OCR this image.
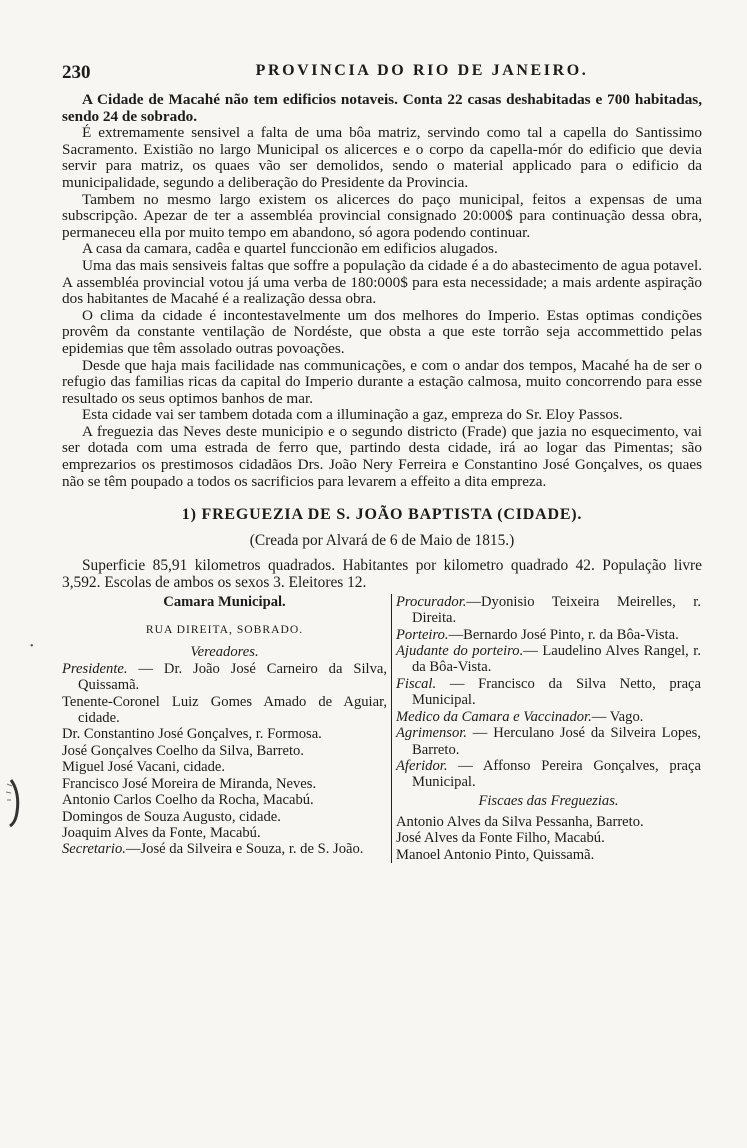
230	PROVINCIA DO RIO DE JANEIRO.

A Cidade de Macahé não tem edificios notaveis. Conta 22 casas deshabitadas e 700 habitadas, sendo 24 de sobrado.

É extremamente sensivel a falta de uma bôa matriz, servindo como tal a capella do Santissimo Sacramento. Existião no largo Municipal os alicerces e o corpo da capella-mór do edificio que devia servir para matriz, os quaes vão ser demolidos, sendo o material applicado para o edificio da municipalidade, segundo a deliberação do Presidente da Provincia.

Tambem no mesmo largo existem os alicerces do paço municipal, feitos a expensas de uma subscripção. Apezar de ter a assembléa provincial consignado 20:000$ para continuação dessa obra, permaneceu ella por muito tempo em abandono, só agora podendo continuar.

A casa da camara, cadêa e quartel funccionão em edificios alugados.

Uma das mais sensiveis faltas que soffre a população da cidade é a do abastecimento de agua potavel. A assembléa provincial votou já uma verba de 180:000$ para esta necessidade; a mais ardente aspiração dos habitantes de Macahé é a realização dessa obra.

O clima da cidade é incontestavelmente um dos melhores do Imperio. Estas optimas condições provêm da constante ventilação de Nordéste, que obsta a que este torrão seja accommettido pelas epidemias que têm assolado outras povoações.

Desde que haja mais facilidade nas communicações, e com o andar dos tempos, Macahé ha de ser o refugio das familias ricas da capital do Imperio durante a estação calmosa, muito concorrendo para esse resultado os seus optimos banhos de mar.

Esta cidade vai ser tambem dotada com a illuminação a gaz, empreza do Sr. Eloy Passos.

A freguezia das Neves deste municipio e o segundo districto (Frade) que jazia no esquecimento, vai ser dotada com uma estrada de ferro que, partindo desta cidade, irá ao logar das Pimentas; são emprezarios os prestimosos cidadãos Drs. João Nery Ferreira e Constantino José Gonçalves, os quaes não se têm poupado a todos os sacrificios para levarem a effeito a dita empreza.

1) FREGUEZIA DE S. JOÃO BAPTISTA (CIDADE).
(Creada por Alvará de 6 de Maio de 1815.)

Superficie 85,91 kilometros quadrados. Habitantes por kilometro quadrado 42. População livre 3,592. Escolas de ambos os sexos 3. Eleitores 12.

Camara Municipal.
RUA DIREITA, SOBRADO.
Vereadores.
Presidente. — Dr. João José Carneiro da Silva, Quissamã.
Tenente-Coronel Luiz Gomes Amado de Aguiar, cidade.
Dr. Constantino José Gonçalves, r. Formosa.
José Gonçalves Coelho da Silva, Barreto.
Miguel José Vacani, cidade.
Francisco José Moreira de Miranda, Neves.
Antonio Carlos Coelho da Rocha, Macabú.
Domingos de Souza Augusto, cidade.
Joaquim Alves da Fonte, Macabú.
Secretario.—José da Silveira e Souza, r. de S. João.
Procurador.—Dyonisio Teixeira Meirelles, r. Direita.
Porteiro.—Bernardo José Pinto, r. da Bôa-Vista.
Ajudante do porteiro.— Laudelino Alves Rangel, r. da Bôa-Vista.
Fiscal. — Francisco da Silva Netto, praça Municipal.
Medico da Camara e Vaccinador.— Vago.
Agrimensor. — Herculano José da Silveira Lopes, Barreto.
Aferidor. — Affonso Pereira Gonçalves, praça Municipal.
Fiscaes das Freguezias.
Antonio Alves da Silva Pessanha, Barreto.
José Alves da Fonte Filho, Macabú.
Manoel Antonio Pinto, Quissamã.
•
